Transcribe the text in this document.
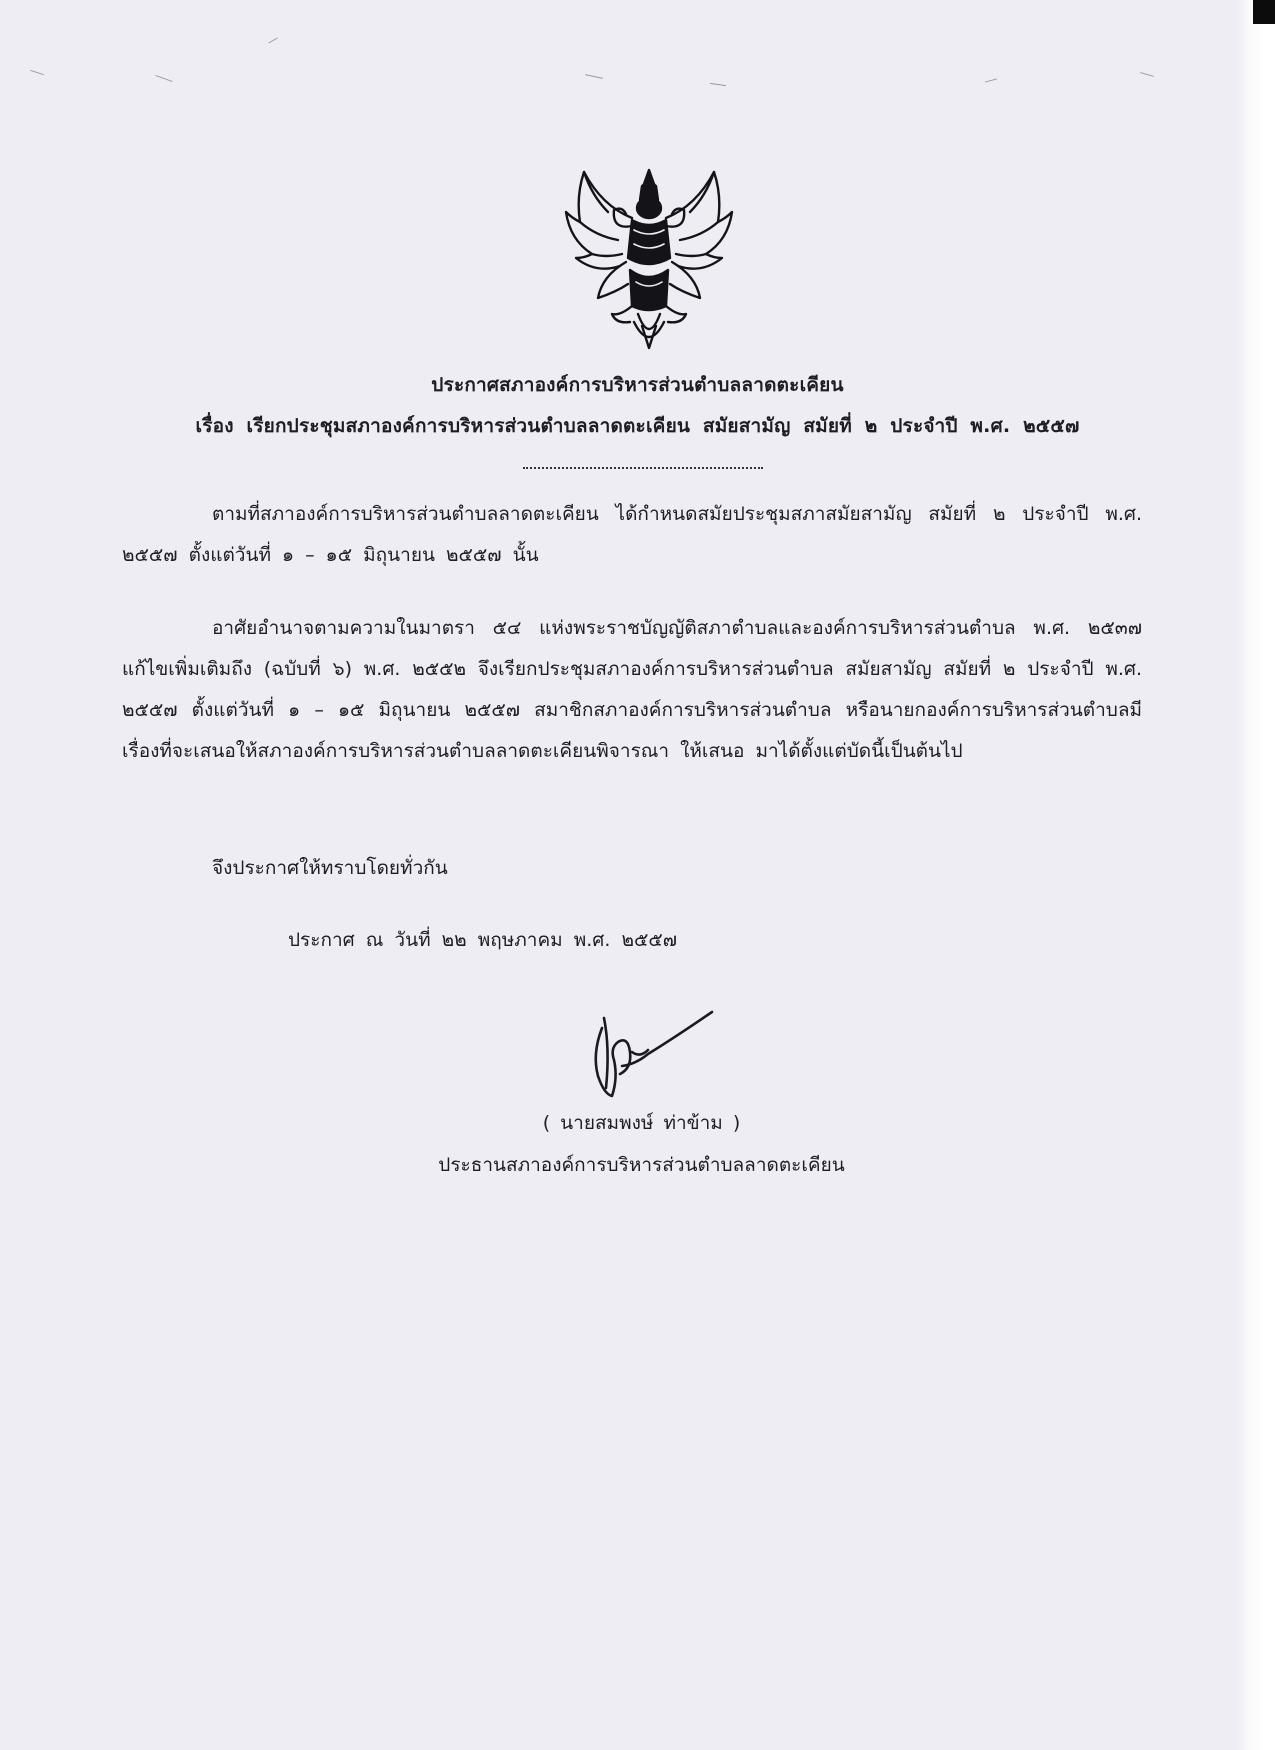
ประกาศสภาองค์การบริหารส่วนตำบลลาดตะเคียน
เรื่อง เรียกประชุมสภาองค์การบริหารส่วนตำบลลาดตะเคียน สมัยสามัญ สมัยที่ ๒ ประจำปี พ.ศ. ๒๕๕๗
ตามที่สภาองค์การบริหารส่วนตำบลลาดตะเคียน ได้กำหนดสมัยประชุมสภาสมัยสามัญ สมัยที่ ๒ ประจำปี พ.ศ. ๒๕๕๗ ตั้งแต่วันที่ ๑ – ๑๕ มิถุนายน ๒๕๕๗ นั้น
อาศัยอำนาจตามความในมาตรา ๕๔ แห่งพระราชบัญญัติสภาตำบลและองค์การบริหารส่วนตำบล พ.ศ. ๒๕๓๗ แก้ไขเพิ่มเติมถึง (ฉบับที่ ๖) พ.ศ. ๒๕๕๒ จึงเรียกประชุมสภาองค์การบริหารส่วนตำบล สมัยสามัญ สมัยที่ ๒ ประจำปี พ.ศ. ๒๕๕๗ ตั้งแต่วันที่ ๑ – ๑๕ มิถุนายน ๒๕๕๗ สมาชิกสภาองค์การบริหารส่วนตำบล หรือนายกองค์การบริหารส่วนตำบลมีเรื่องที่จะเสนอให้สภาองค์การบริหารส่วนตำบลลาดตะเคียนพิจารณา ให้เสนอ มาได้ตั้งแต่บัดนี้เป็นต้นไป
จึงประกาศให้ทราบโดยทั่วกัน
ประกาศ ณ วันที่ ๒๒ พฤษภาคม พ.ศ. ๒๕๕๗
( นายสมพงษ์ ท่าข้าม )
ประธานสภาองค์การบริหารส่วนตำบลลาดตะเคียน
